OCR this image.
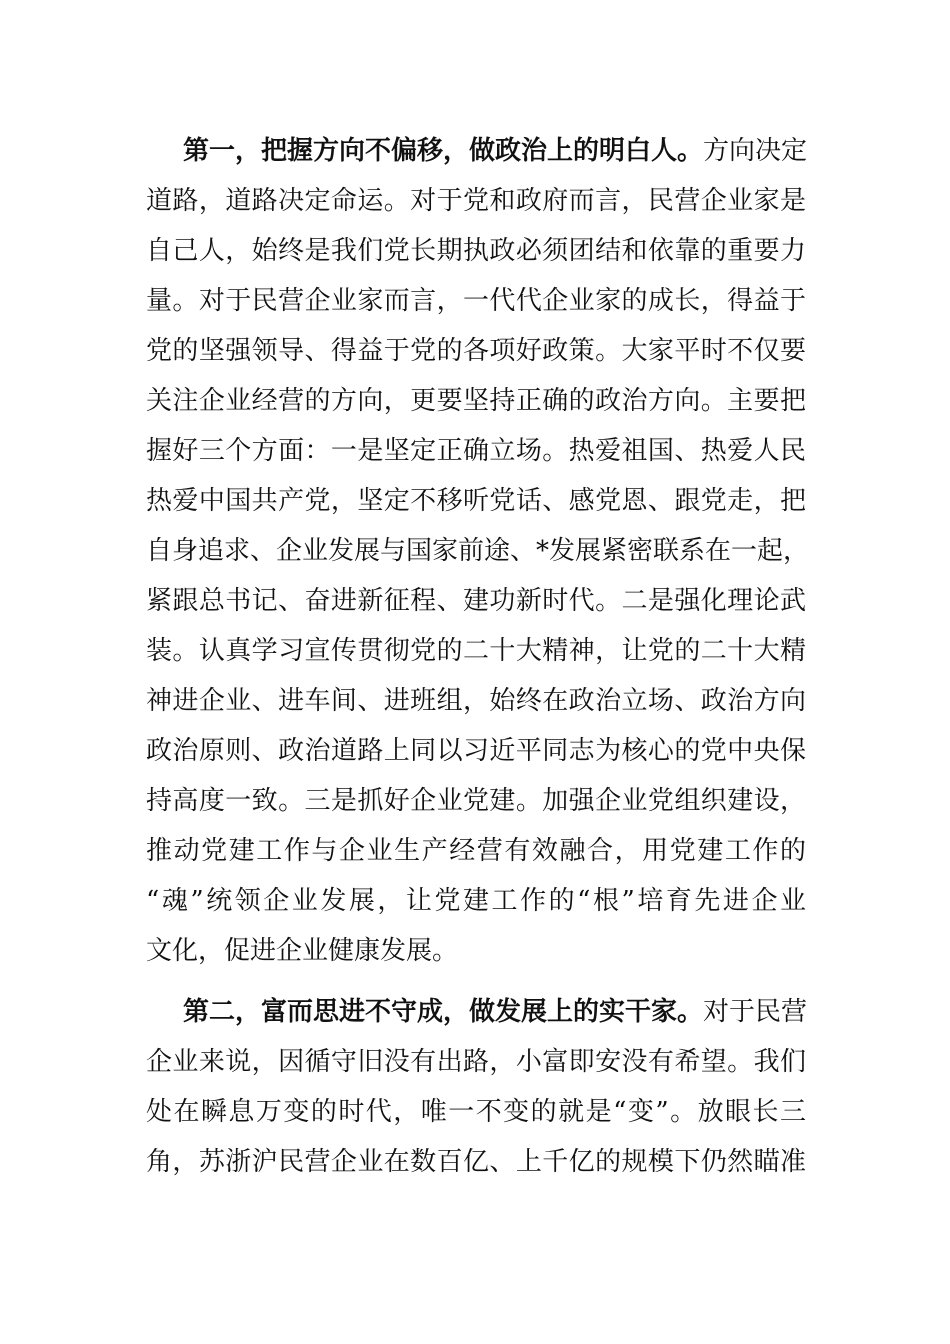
第一，把握方向不偏移，做政治上的明白人。方向决定
道路，道路决定命运。对于党和政府而言，民营企业家是
自己人，始终是我们党长期执政必须团结和依靠的重要力
量。对于民营企业家而言，一代代企业家的成长，得益于
党的坚强领导、得益于党的各项好政策。大家平时不仅要
关注企业经营的方向，更要坚持正确的政治方向。主要把
握好三个方面：一是坚定正确立场。热爱祖国、热爱人民
热爱中国共产党，坚定不移听党话、感党恩、跟党走，把
自身追求、企业发展与国家前途、*发展紧密联系在一起，
紧跟总书记、奋进新征程、建功新时代。二是强化理论武
装。认真学习宣传贯彻党的二十大精神，让党的二十大精
神进企业、进车间、进班组，始终在政治立场、政治方向
政治原则、政治道路上同以习近平同志为核心的党中央保
持高度一致。三是抓好企业党建。加强企业党组织建设，
推动党建工作与企业生产经营有效融合，用党建工作的
“魂”统领企业发展，让党建工作的“根”培育先进企业
文化，促进企业健康发展。
第二，富而思进不守成，做发展上的实干家。对于民营
企业来说，因循守旧没有出路，小富即安没有希望。我们
处在瞬息万变的时代，唯一不变的就是“变”。放眼长三
角，苏浙沪民营企业在数百亿、上千亿的规模下仍然瞄准
